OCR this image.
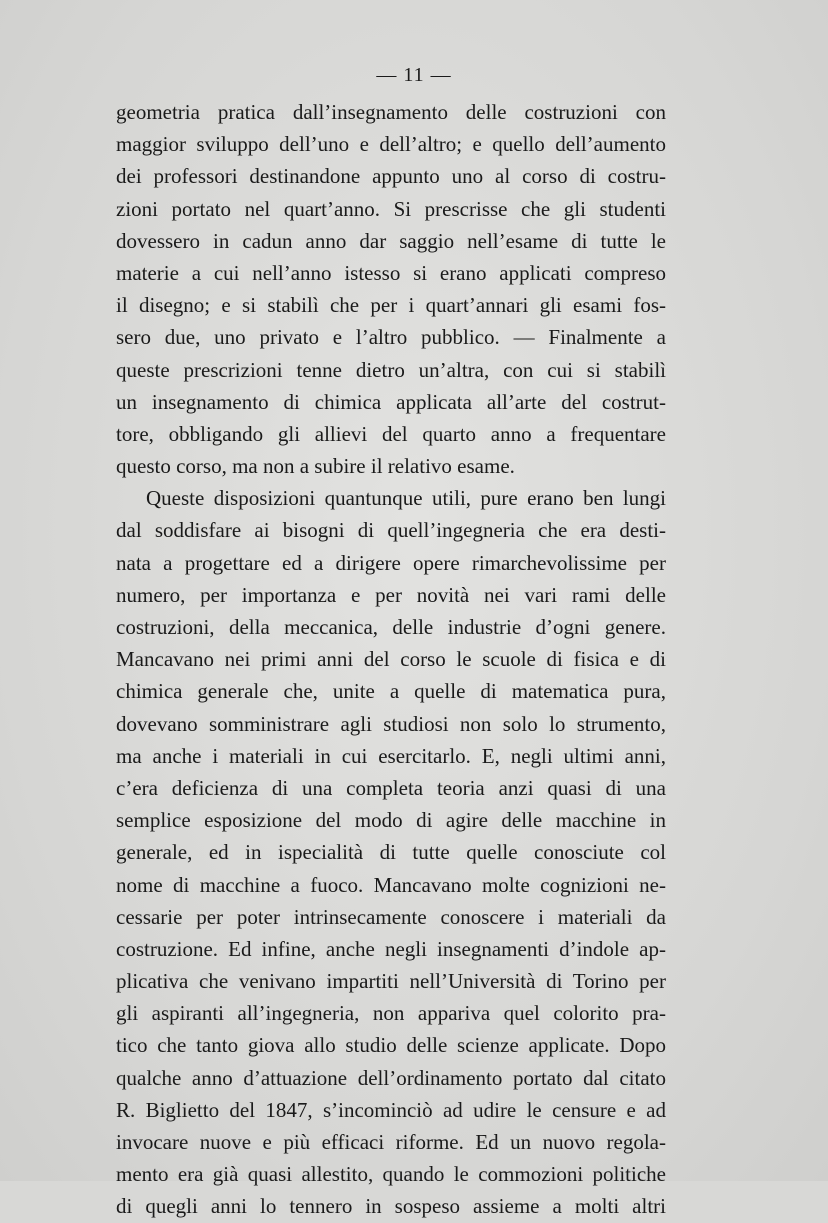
— 11 —
geometria pratica dall’insegnamento delle costruzioni con
maggior sviluppo dell’uno e dell’altro; e quello dell’aumento
dei professori destinandone appunto uno al corso di costru-
zioni portato nel quart’anno. Si prescrisse che gli studenti
dovessero in cadun anno dar saggio nell’esame di tutte le
materie a cui nell’anno istesso si erano applicati compreso
il disegno; e si stabilì che per i quart’annari gli esami fos-
sero due, uno privato e l’altro pubblico. — Finalmente a
queste prescrizioni tenne dietro un’altra, con cui si stabilì
un insegnamento di chimica applicata all’arte del costrut-
tore, obbligando gli allievi del quarto anno a frequentare
questo corso, ma non a subire il relativo esame.
Queste disposizioni quantunque utili, pure erano ben lungi
dal soddisfare ai bisogni di quell’ingegneria che era desti-
nata a progettare ed a dirigere opere rimarchevolissime per
numero, per importanza e per novità nei vari rami delle
costruzioni, della meccanica, delle industrie d’ogni genere.
Mancavano nei primi anni del corso le scuole di fisica e di
chimica generale che, unite a quelle di matematica pura,
dovevano somministrare agli studiosi non solo lo strumento,
ma anche i materiali in cui esercitarlo. E, negli ultimi anni,
c’era deficienza di una completa teoria anzi quasi di una
semplice esposizione del modo di agire delle macchine in
generale, ed in ispecialità di tutte quelle conosciute col
nome di macchine a fuoco. Mancavano molte cognizioni ne-
cessarie per poter intrinsecamente conoscere i materiali da
costruzione. Ed infine, anche negli insegnamenti d’indole ap-
plicativa che venivano impartiti nell’Università di Torino per
gli aspiranti all’ingegneria, non appariva quel colorito pra-
tico che tanto giova allo studio delle scienze applicate. Dopo
qualche anno d’attuazione dell’ordinamento portato dal citato
R. Biglietto del 1847, s’incominciò ad udire le censure e ad
invocare nuove e più efficaci riforme. Ed un nuovo regola-
mento era già quasi allestito, quando le commozioni politiche
di quegli anni lo tennero in sospeso assieme a molti altri
